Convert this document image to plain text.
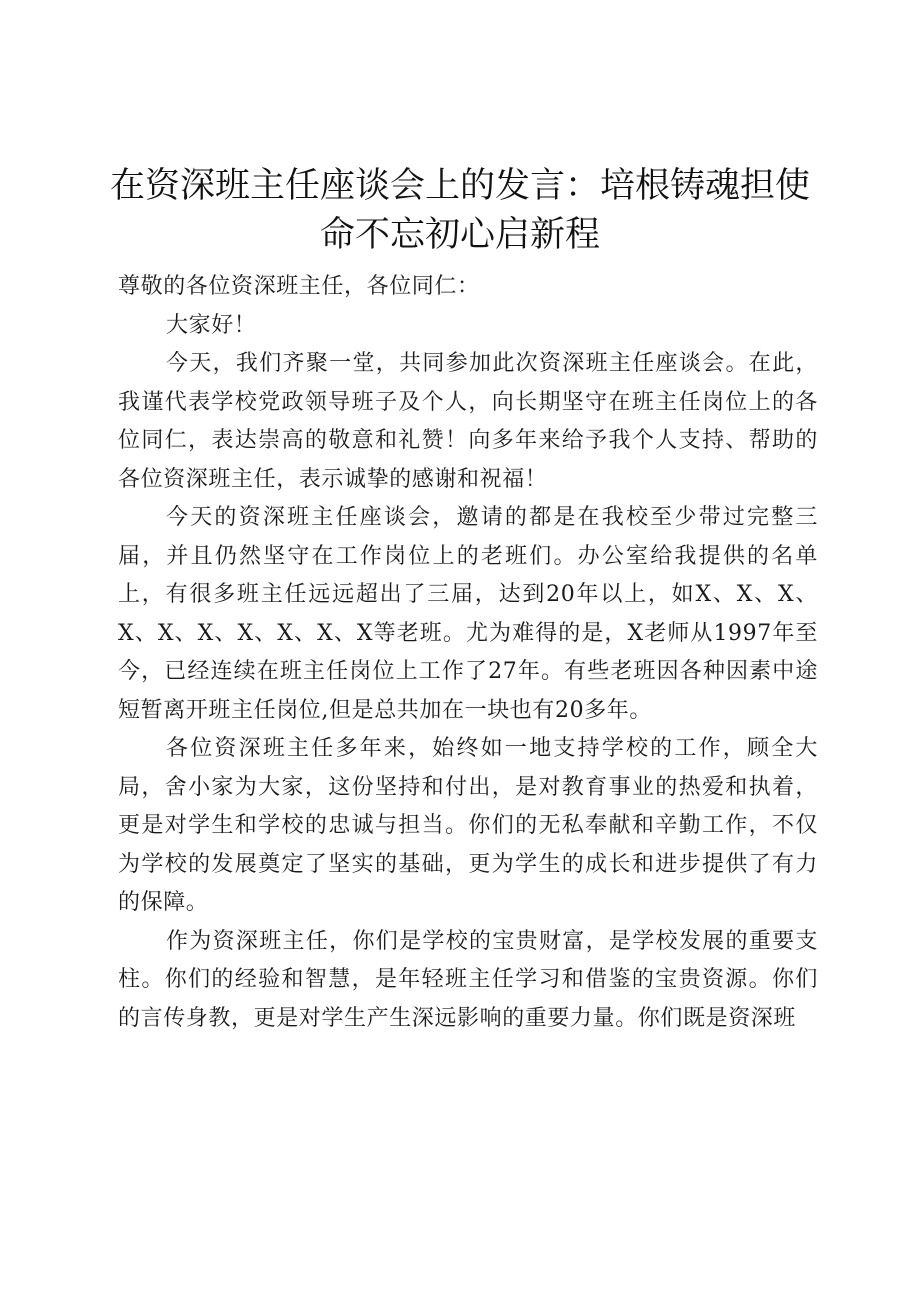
在资深班主任座谈会上的发言：培根铸魂担使命不忘初心启新程

尊敬的各位资深班主任，各位同仁：

大家好！

今天，我们齐聚一堂，共同参加此次资深班主任座谈会。在此，我谨代表学校党政领导班子及个人，向长期坚守在班主任岗位上的各位同仁，表达崇高的敬意和礼赞！向多年来给予我个人支持、帮助的各位资深班主任，表示诚挚的感谢和祝福！

今天的资深班主任座谈会，邀请的都是在我校至少带过完整三届，并且仍然坚守在工作岗位上的老班们。办公室给我提供的名单上，有很多班主任远远超出了三届，达到20年以上，如X、X、X、X、X、X、X、X、X、X等老班。尤为难得的是，X老师从1997年至今，已经连续在班主任岗位上工作了27年。有些老班因各种因素中途短暂离开班主任岗位,但是总共加在一块也有20多年。

各位资深班主任多年来，始终如一地支持学校的工作，顾全大局，舍小家为大家，这份坚持和付出，是对教育事业的热爱和执着，更是对学生和学校的忠诚与担当。你们的无私奉献和辛勤工作，不仅为学校的发展奠定了坚实的基础，更为学生的成长和进步提供了有力的保障。

作为资深班主任，你们是学校的宝贵财富，是学校发展的重要支柱。你们的经验和智慧，是年轻班主任学习和借鉴的宝贵资源。你们的言传身教，更是对学生产生深远影响的重要力量。你们既是资深班
